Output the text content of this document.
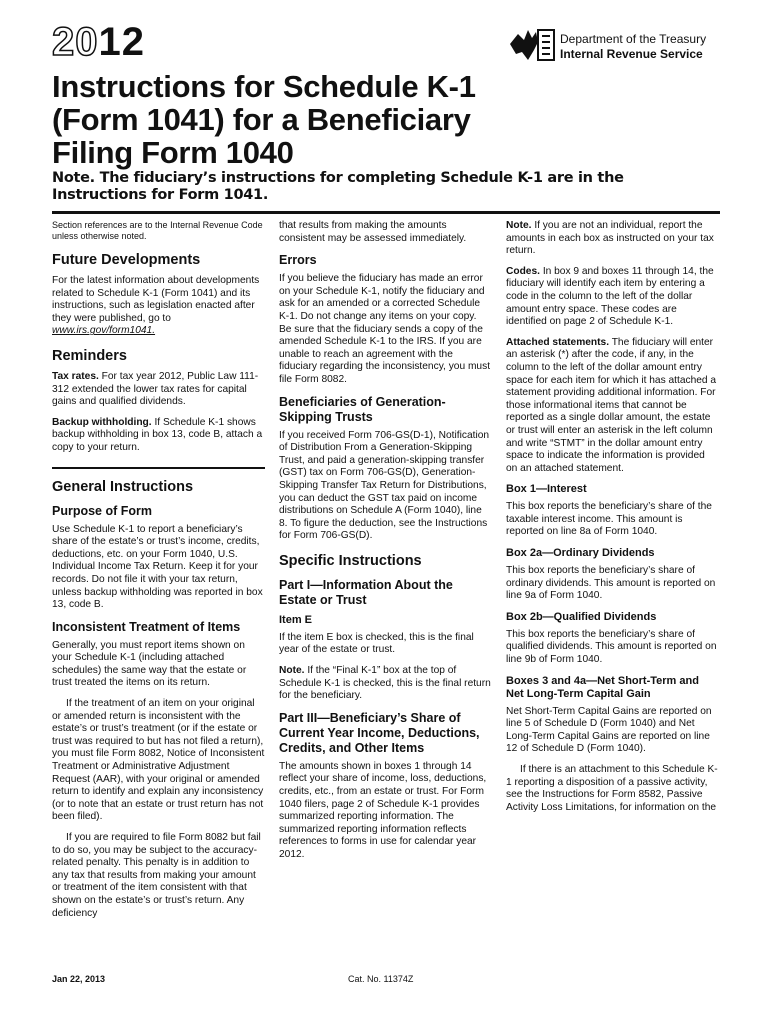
2012	Department of the Treasury
Internal Revenue Service
Instructions for Schedule K-1
(Form 1041) for a Beneficiary
Filing Form 1040
Note. The fiduciary’s instructions for completing Schedule K-1 are in the Instructions for Form 1041.

Section references are to the Internal Revenue Code unless otherwise noted.

Future Developments

For the latest information about developments related to Schedule K-1 (Form 1041) and its instructions, such as legislation enacted after they were published, go to www.irs.gov/form1041.

Reminders

Tax rates. For tax year 2012, Public Law 111-312 extended the lower tax rates for capital gains and qualified dividends.

Backup withholding. If Schedule K-1 shows backup withholding in box 13, code B, attach a copy to your return.

General Instructions
Purpose of Form

Use Schedule K-1 to report a beneficiary’s share of the estate’s or trust’s income, credits, deductions, etc. on your Form 1040, U.S. Individual Income Tax Return. Keep it for your records. Do not file it with your tax return, unless backup withholding was reported in box 13, code B.

Inconsistent Treatment of Items

Generally, you must report items shown on your Schedule K-1 (including attached schedules) the same way that the estate or trust treated the items on its return.

If the treatment of an item on your original or amended return is inconsistent with the estate’s or trust’s treatment (or if the estate or trust was required to but has not filed a return), you must file Form 8082, Notice of Inconsistent Treatment or Administrative Adjustment Request (AAR), with your original or amended return to identify and explain any inconsistency (or to note that an estate or trust return has not been filed).

If you are required to file Form 8082 but fail to do so, you may be subject to the accuracy-related penalty. This penalty is in addition to any tax that results from making your amount or treatment of the item consistent with that shown on the estate’s or trust’s return. Any deficiency

that results from making the amounts consistent may be assessed immediately.

Errors

If you believe the fiduciary has made an error on your Schedule K-1, notify the fiduciary and ask for an amended or a corrected Schedule K-1. Do not change any items on your copy. Be sure that the fiduciary sends a copy of the amended Schedule K-1 to the IRS. If you are unable to reach an agreement with the fiduciary regarding the inconsistency, you must file Form 8082.

Beneficiaries of Generation-Skipping Trusts

If you received Form 706-GS(D-1), Notification of Distribution From a Generation-Skipping Trust, and paid a generation-skipping transfer (GST) tax on Form 706-GS(D), Generation-Skipping Transfer Tax Return for Distributions, you can deduct the GST tax paid on income distributions on Schedule A (Form 1040), line 8. To figure the deduction, see the Instructions for Form 706-GS(D).

Specific Instructions
Part I—Information About the Estate or Trust
Item E

If the item E box is checked, this is the final year of the estate or trust.

Note. If the “Final K-1” box at the top of Schedule K-1 is checked, this is the final return for the beneficiary.

Part III—Beneficiary’s Share of Current Year Income, Deductions, Credits, and Other Items

The amounts shown in boxes 1 through 14 reflect your share of income, loss, deductions, credits, etc., from an estate or trust. For Form 1040 filers, page 2 of Schedule K-1 provides summarized reporting information. The summarized reporting information reflects references to forms in use for calendar year 2012.

Note. If you are not an individual, report the amounts in each box as instructed on your tax return.

Codes. In box 9 and boxes 11 through 14, the fiduciary will identify each item by entering a code in the column to the left of the dollar amount entry space. These codes are identified on page 2 of Schedule K-1.

Attached statements. The fiduciary will enter an asterisk (*) after the code, if any, in the column to the left of the dollar amount entry space for each item for which it has attached a statement providing additional information. For those informational items that cannot be reported as a single dollar amount, the estate or trust will enter an asterisk in the left column and write “STMT” in the dollar amount entry space to indicate the information is provided on an attached statement.

Box 1—Interest

This box reports the beneficiary’s share of the taxable interest income. This amount is reported on line 8a of Form 1040.

Box 2a—Ordinary Dividends

This box reports the beneficiary’s share of ordinary dividends. This amount is reported on line 9a of Form 1040.

Box 2b—Qualified Dividends

This box reports the beneficiary’s share of qualified dividends. This amount is reported on line 9b of Form 1040.

Boxes 3 and 4a—Net Short-Term and Net Long-Term Capital Gain

Net Short-Term Capital Gains are reported on line 5 of Schedule D (Form 1040) and Net Long-Term Capital Gains are reported on line 12 of Schedule D (Form 1040).

If there is an attachment to this Schedule K-1 reporting a disposition of a passive activity, see the Instructions for Form 8582, Passive Activity Loss Limitations, for information on the

Jan 22, 2013	Cat. No. 11374Z
